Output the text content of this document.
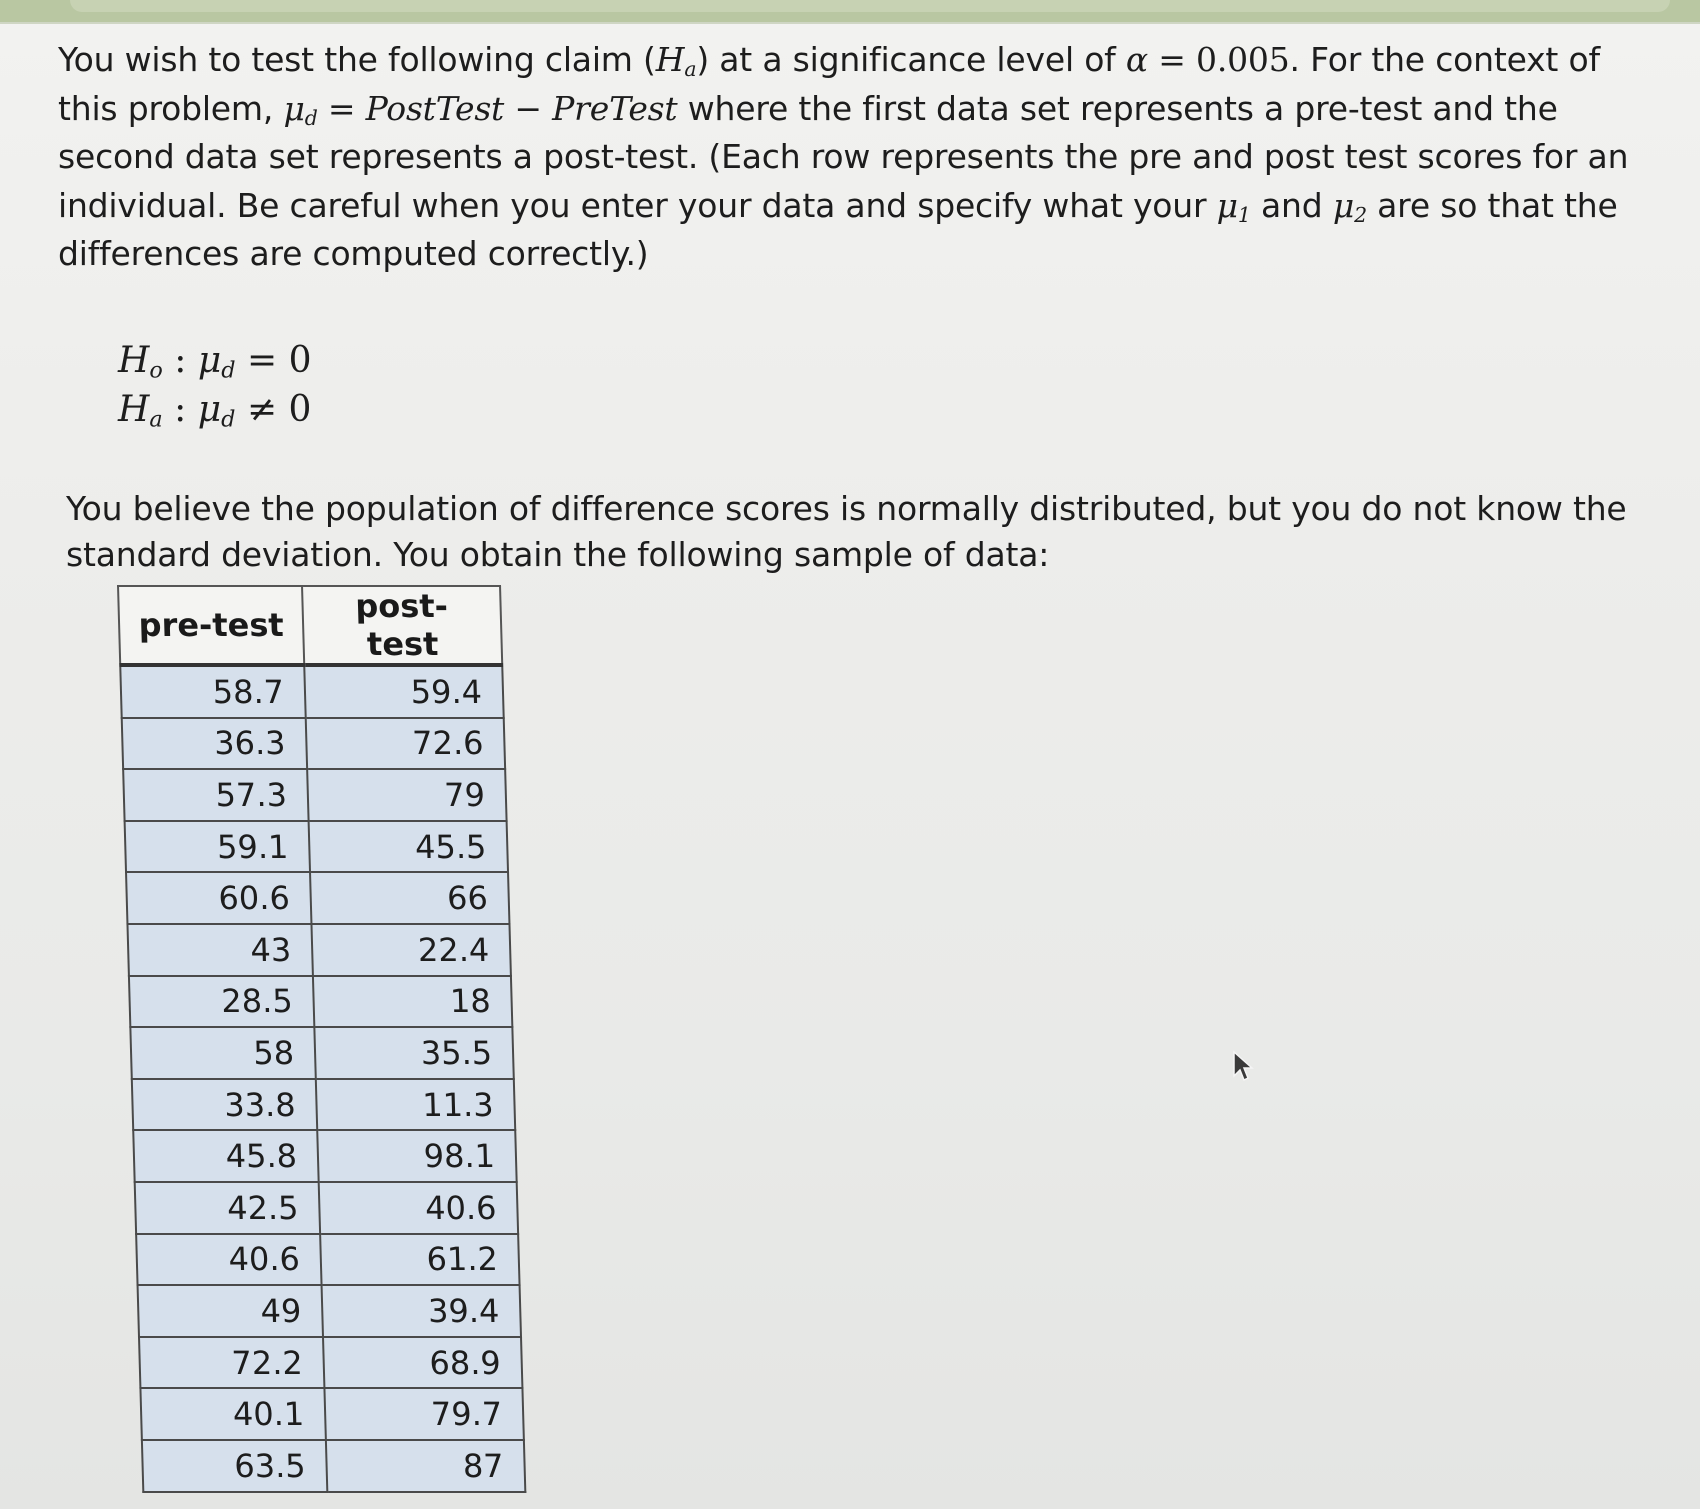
You wish to test the following claim $(H_a)$ at a significance level of α = 0.005. For the context of this problem, $\mu_d$ = PostTest − PreTest where the first data set represents a pre-test and the second data set represents a post-test. (Each row represents the pre and post test scores for an individual. Be careful when you enter your data and specify what your $\mu_1$ and $\mu_2$ are so that the differences are computed correctly.)

$H_o$ : $\mu_d = 0$
$H_a$ : $\mu_d \ne 0$

You believe the population of difference scores is normally distributed, but you do not know the standard deviation. You obtain the following sample of data:

pre-test	post-test
58.7	59.4
36.3	72.6
57.3	79
59.1	45.5
60.6	66
43	22.4
28.5	18
58	35.5
33.8	11.3
45.8	98.1
42.5	40.6
40.6	61.2
49	39.4
72.2	68.9
40.1	79.7
63.5	87
